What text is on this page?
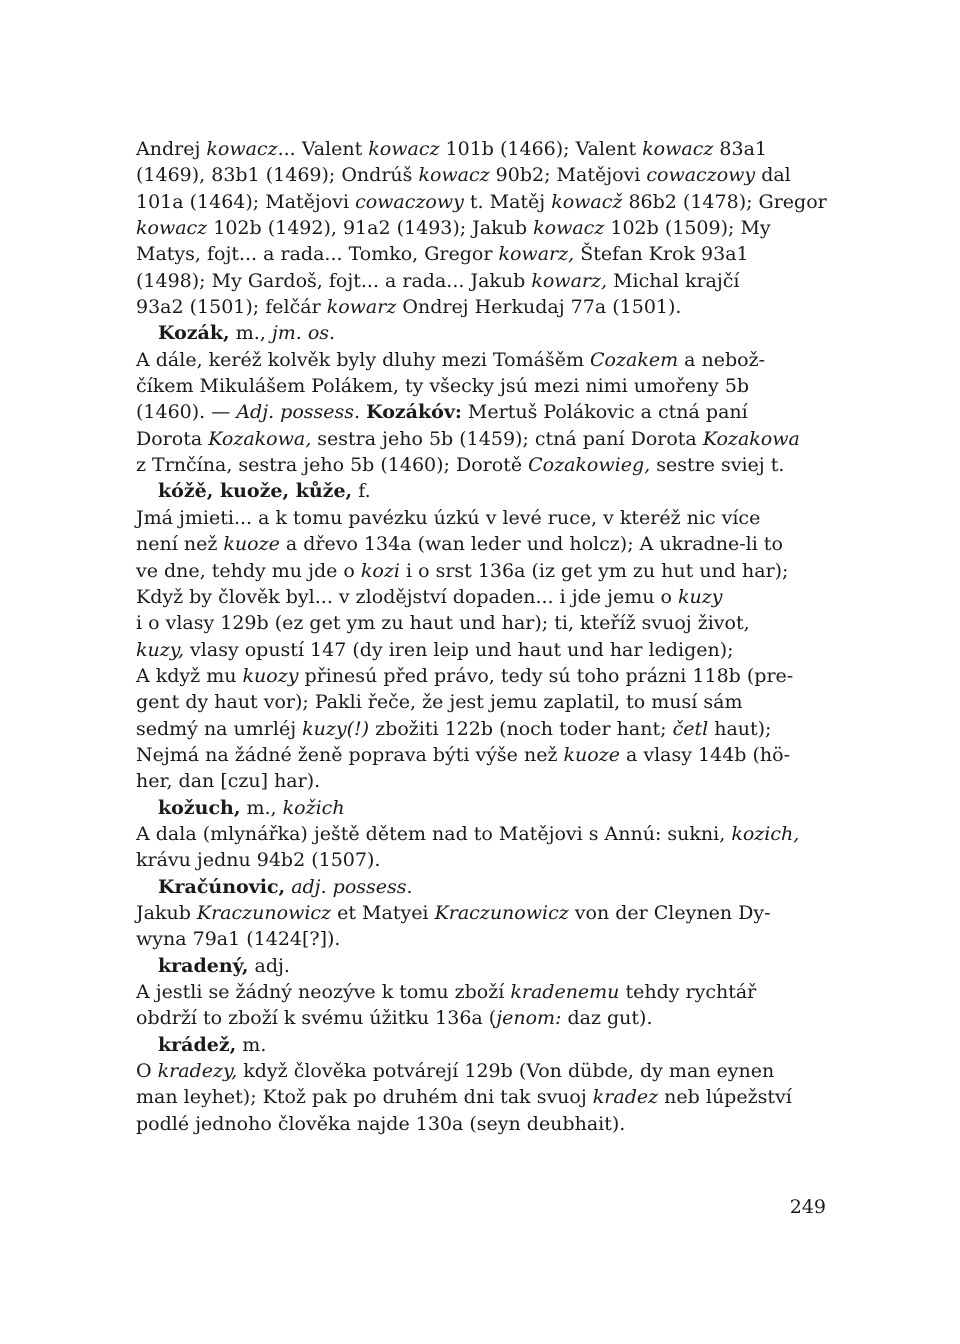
Andrej kowacz... Valent kowacz 101b (1466); Valent kowacz 83a1
(1469), 83b1 (1469); Ondrúš kowacz 90b2; Matějovi cowaczowy dal
101a (1464); Matějovi cowaczowy t. Matěj kowacž 86b2 (1478); Gregor
kowacz 102b (1492), 91a2 (1493); Jakub kowacz 102b (1509); My
Matys, fojt... a rada... Tomko, Gregor kowarz, Štefan Krok 93a1
(1498); My Gardoš, fojt... a rada... Jakub kowarz, Michal krajčí
93a2 (1501); felčár kowarz Ondrej Herkudaj 77a (1501).
Kozák, m., jm. os.
A dále, keréž kolvěk byly dluhy mezi Tomášěm Cozakem a nebož-
číkem Mikulášem Polákem, ty všecky jsú mezi nimi umořeny 5b
(1460). — Adj. possess. Kozákóv: Mertuš Polákovic a ctná paní
Dorota Kozakowa, sestra jeho 5b (1459); ctná paní Dorota Kozakowa
z Trnčína, sestra jeho 5b (1460); Dorotě Cozakowieg, sestre sviej t.
kóžě, kuože, kůže, f.
Jmá jmieti... a k tomu pavézku úzkú v levé ruce, v kteréž nic více
není než kuoze a dřevo 134a (wan leder und holcz); A ukradne-li to
ve dne, tehdy mu jde o kozi i o srst 136a (iz get ym zu hut und har);
Když by člověk byl... v zlodějství dopaden... i jde jemu o kuzy
i o vlasy 129b (ez get ym zu haut und har); ti, kteříž svuoj život,
kuzy, vlasy opustí 147 (dy iren leip und haut und har ledigen);
A když mu kuozy přinesú před právo, tedy sú toho prázni 118b (pre-
gent dy haut vor); Pakli řeče, že jest jemu zaplatil, to musí sám
sedmý na umrléj kuzy(!) zbožiti 122b (noch toder hant; četl haut);
Nejmá na žádné ženě poprava býti výše než kuoze a vlasy 144b (hö-
her, dan [czu] har).
kožuch, m., kožich
A dala (mlynářka) ještě dětem nad to Matějovi s Annú: sukni, kozich,
krávu jednu 94b2 (1507).
Kračúnovic, adj. possess.
Jakub Kraczunowicz et Matyei Kraczunowicz von der Cleynen Dy-
wyna 79a1 (1424[?]).
kradený, adj.
A jestli se žádný neozýve k tomu zboží kradenemu tehdy rychtář
obdrží to zboží k svému úžitku 136a (jenom: daz gut).
krádež, m.
O kradezy, když člověka potvárejí 129b (Von dübde, dy man eynen
man leyhet); Ktož pak po druhém dni tak svuoj kradez neb lúpežství
podlé jednoho člověka najde 130a (seyn deubhait).
249
